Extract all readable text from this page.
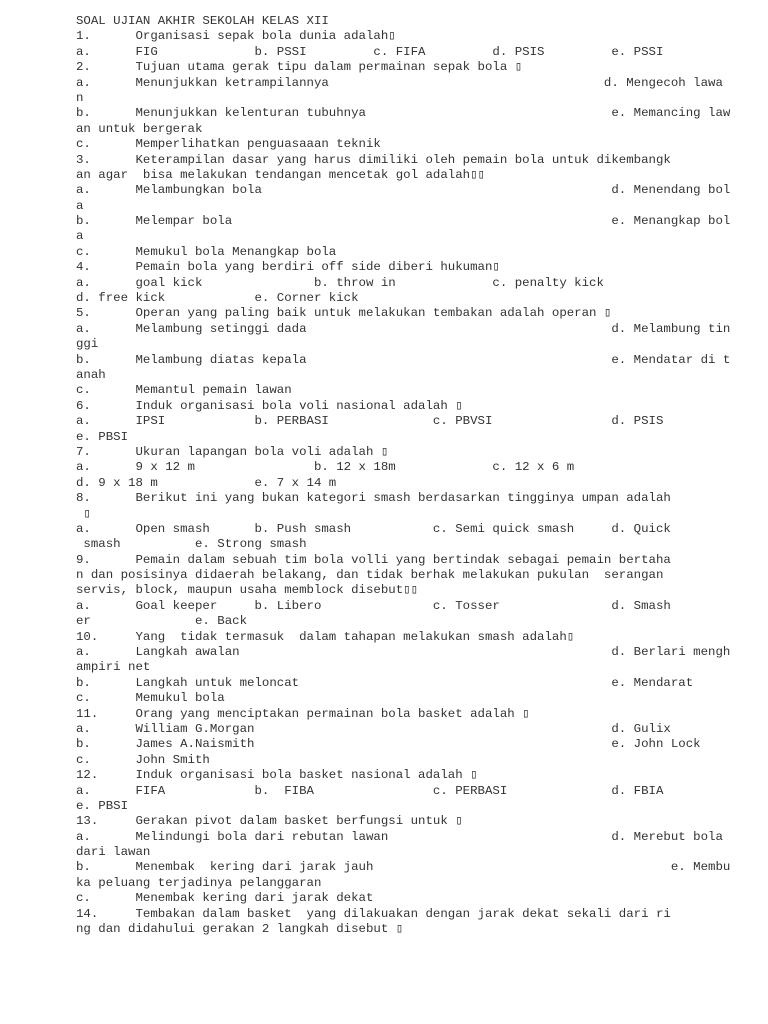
SOAL UJIAN AKHIR SEKOLAH KELAS XII
1.      Organisasi sepak bola dunia adalah▯
a.      FIG             b. PSSI         c. FIFA         d. PSIS         e. PSSI
2.      Tujuan utama gerak tipu dalam permainan sepak bola ▯
a.      Menunjukkan ketrampilannya                                     d. Mengecoh lawa
n
b.      Menunjukkan kelenturan tubuhnya                                 e. Memancing law
an untuk bergerak
c.      Memperlihatkan penguasaaan teknik
3.      Keterampilan dasar yang harus dimiliki oleh pemain bola untuk dikembangk
an agar  bisa melakukan tendangan mencetak gol adalah▯▯
a.      Melambungkan bola                                               d. Menendang bol
a
b.      Melempar bola                                                   e. Menangkap bol
a
c.      Memukul bola Menangkap bola
4.      Pemain bola yang berdiri off side diberi hukuman▯
a.      goal kick               b. throw in             c. penalty kick
d. free kick            e. Corner kick
5.      Operan yang paling baik untuk melakukan tembakan adalah operan ▯
a.      Melambung setinggi dada                                         d. Melambung tin
ggi
b.      Melambung diatas kepala                                         e. Mendatar di t
anah
c.      Memantul pemain lawan
6.      Induk organisasi bola voli nasional adalah ▯
a.      IPSI            b. PERBASI              c. PBVSI                d. PSIS
e. PBSI
7.      Ukuran lapangan bola voli adalah ▯
a.      9 x 12 m                b. 12 x 18m             c. 12 x 6 m
d. 9 x 18 m             e. 7 x 14 m
8.      Berikut ini yang bukan kategori smash berdasarkan tingginya umpan adalah
▯
a.      Open smash      b. Push smash           c. Semi quick smash     d. Quick
smash          e. Strong smash
9.      Pemain dalam sebuah tim bola volli yang bertindak sebagai pemain bertaha
n dan posisinya didaerah belakang, dan tidak berhak melakukan pukulan  serangan
servis, block, maupun usaha memblock disebut▯▯
a.      Goal keeper     b. Libero               c. Tosser               d. Smash
er              e. Back
10.     Yang  tidak termasuk  dalam tahapan melakukan smash adalah▯
a.      Langkah awalan                                                  d. Berlari mengh
ampiri net
b.      Langkah untuk meloncat                                          e. Mendarat
c.      Memukul bola
11.     Orang yang menciptakan permainan bola basket adalah ▯
a.      William G.Morgan                                                d. Gulix
b.      James A.Naismith                                                e. John Lock
c.      John Smith
12.     Induk organisasi bola basket nasional adalah ▯
a.      FIFA            b.  FIBA                c. PERBASI              d. FBIA
e. PBSI
13.     Gerakan pivot dalam basket berfungsi untuk ▯
a.      Melindungi bola dari rebutan lawan                              d. Merebut bola
dari lawan
b.      Menembak  kering dari jarak jauh                                        e. Membu
ka peluang terjadinya pelanggaran
c.      Menembak kering dari jarak dekat
14.     Tembakan dalam basket  yang dilakuakan dengan jarak dekat sekali dari ri
ng dan didahului gerakan 2 langkah disebut ▯
